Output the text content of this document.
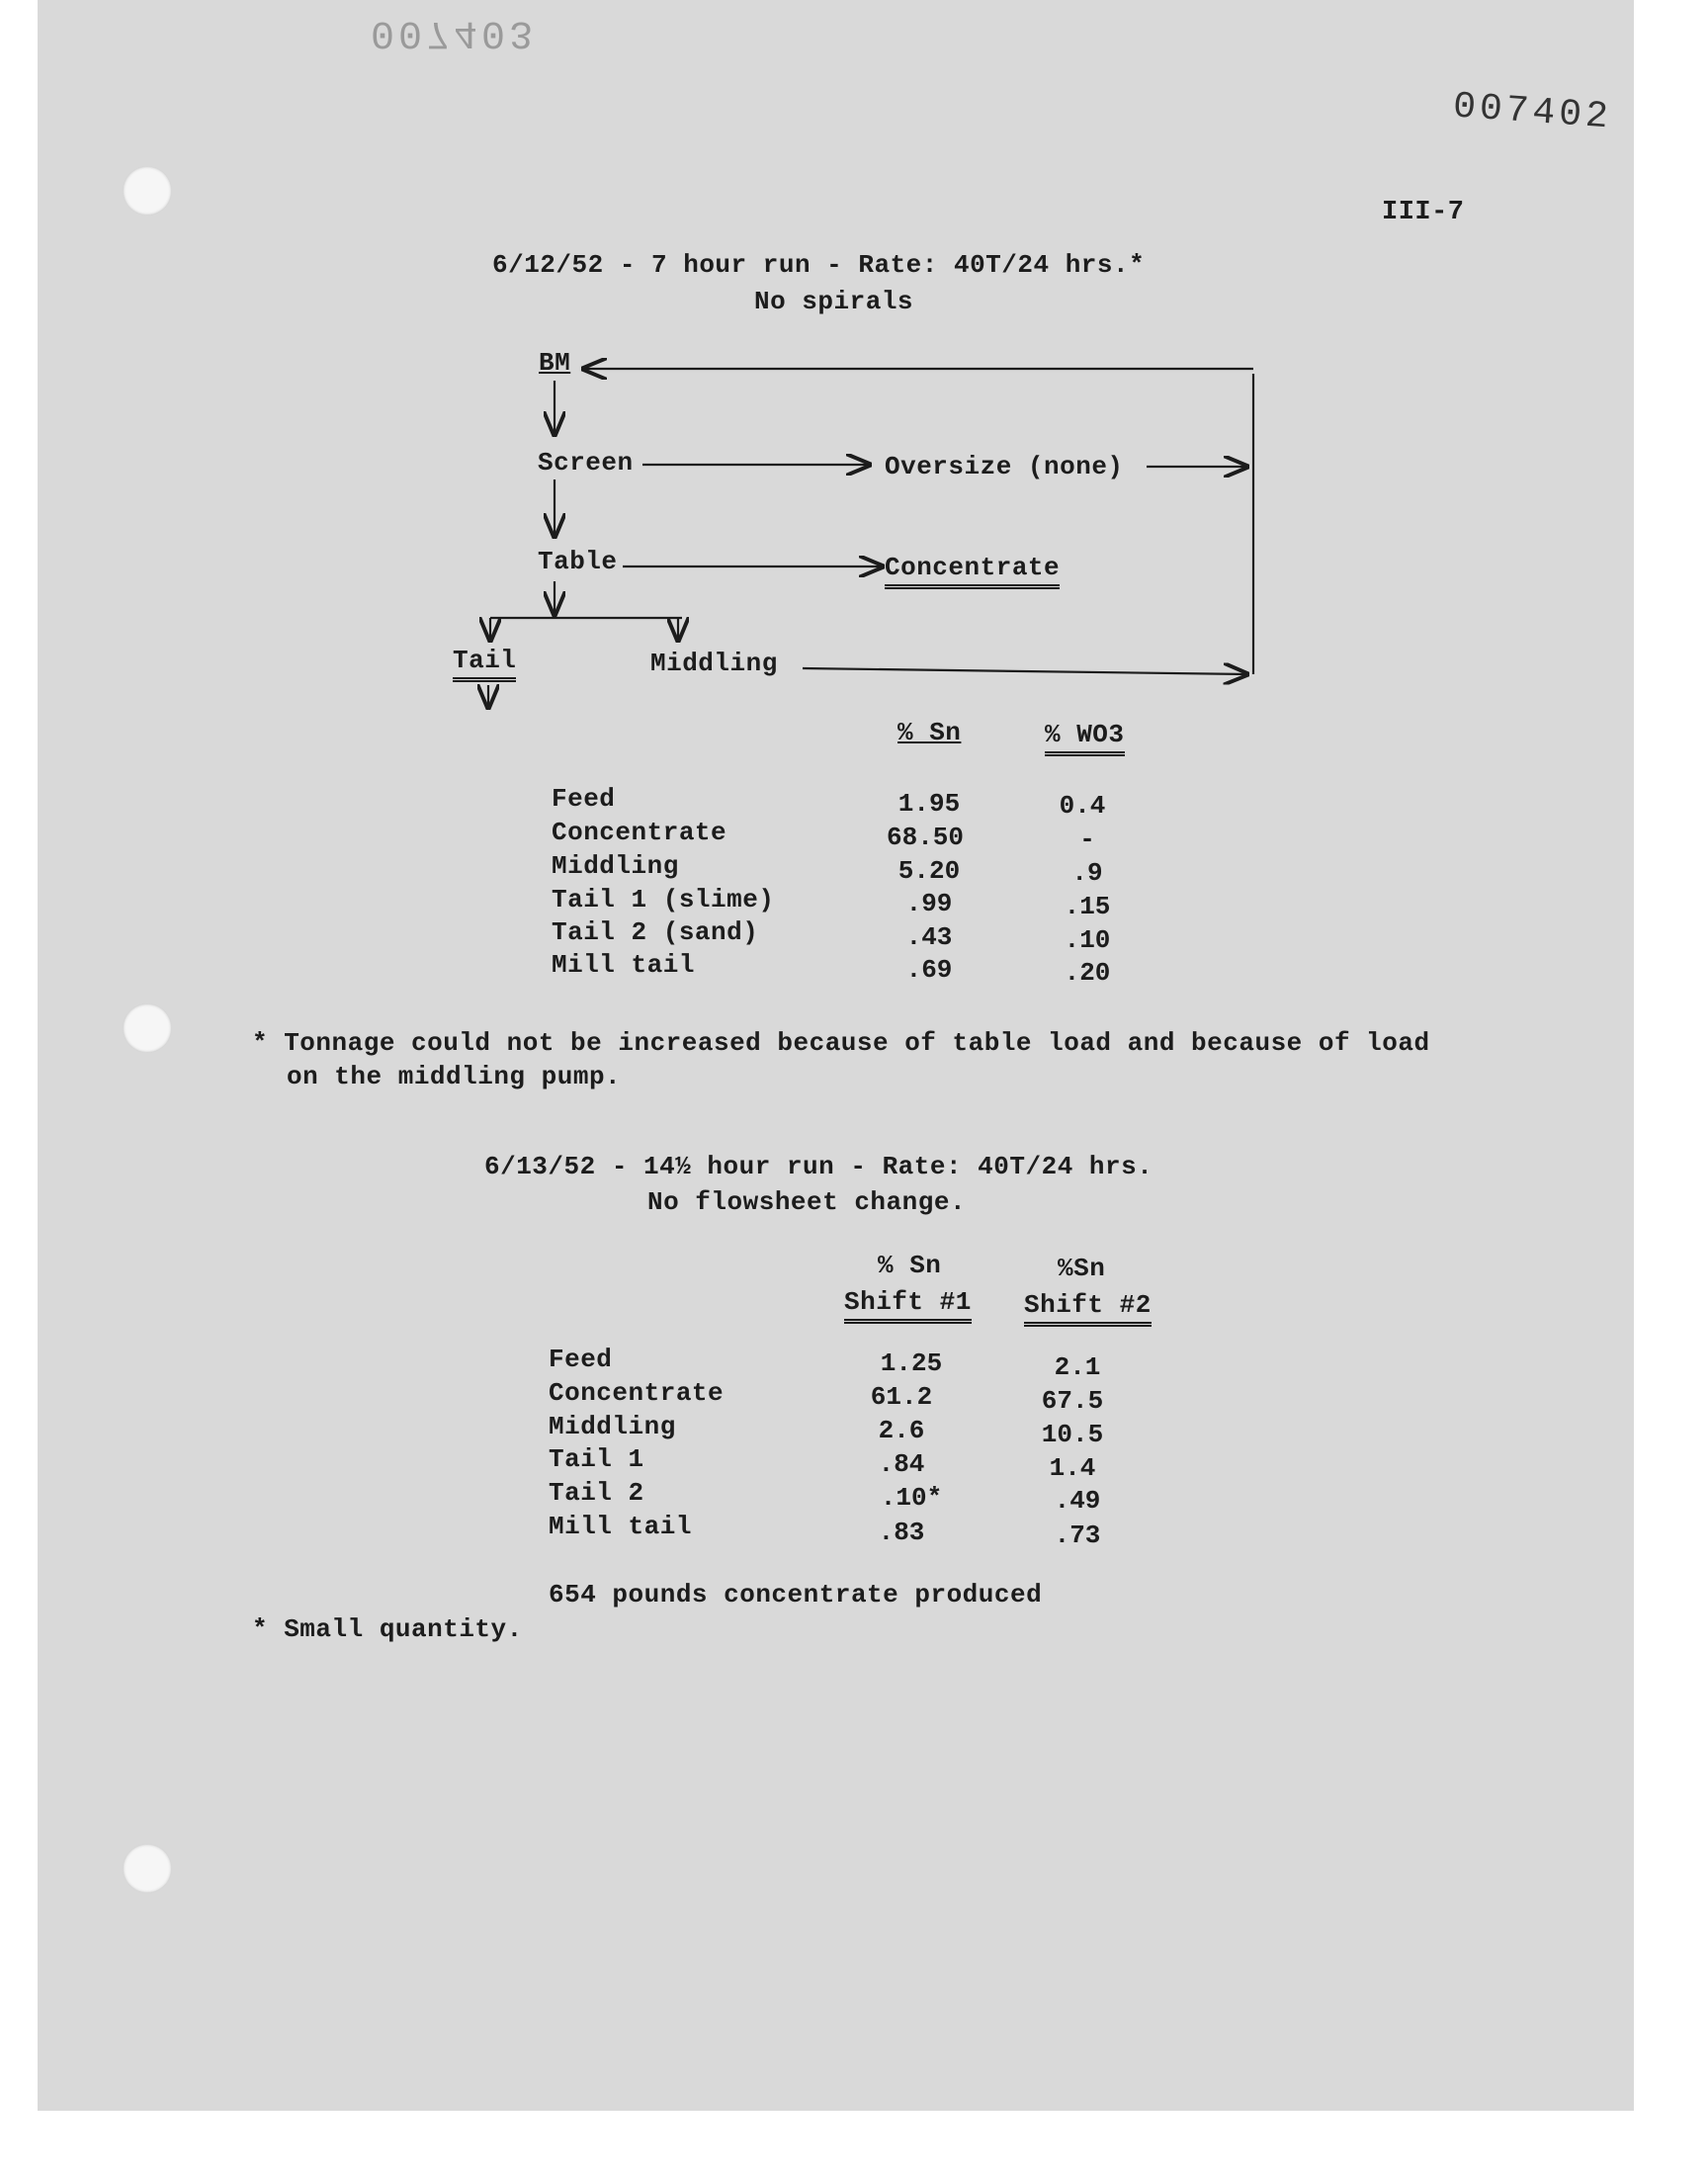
007403
007402
III-7
6/12/52 - 7 hour run - Rate: 40T/24 hrs.*
No spirals
BM
Screen	Oversize (none)
Table	Concentrate
Tail	Middling
% Sn	% WO3
Feed	1.95	0.4
Concentrate	68.50	-
Middling	5.20	.9
Tail 1 (slime)	.99	.15
Tail 2 (sand)	.43	.10
Mill tail	.69	.20
* Tonnage could not be increased because of table load and because of load
on the middling pump.
6/13/52 - 14½ hour run - Rate: 40T/24 hrs.
No flowsheet change.
% Sn
Shift #1
%Sn
Shift #2
Feed	1.25	2.1
Concentrate	61.2	67.5
Middling	2.6	10.5
Tail 1	.84	1.4
Tail 2	.10*	.49
Mill tail	.83	.73
654 pounds concentrate produced
* Small quantity.
